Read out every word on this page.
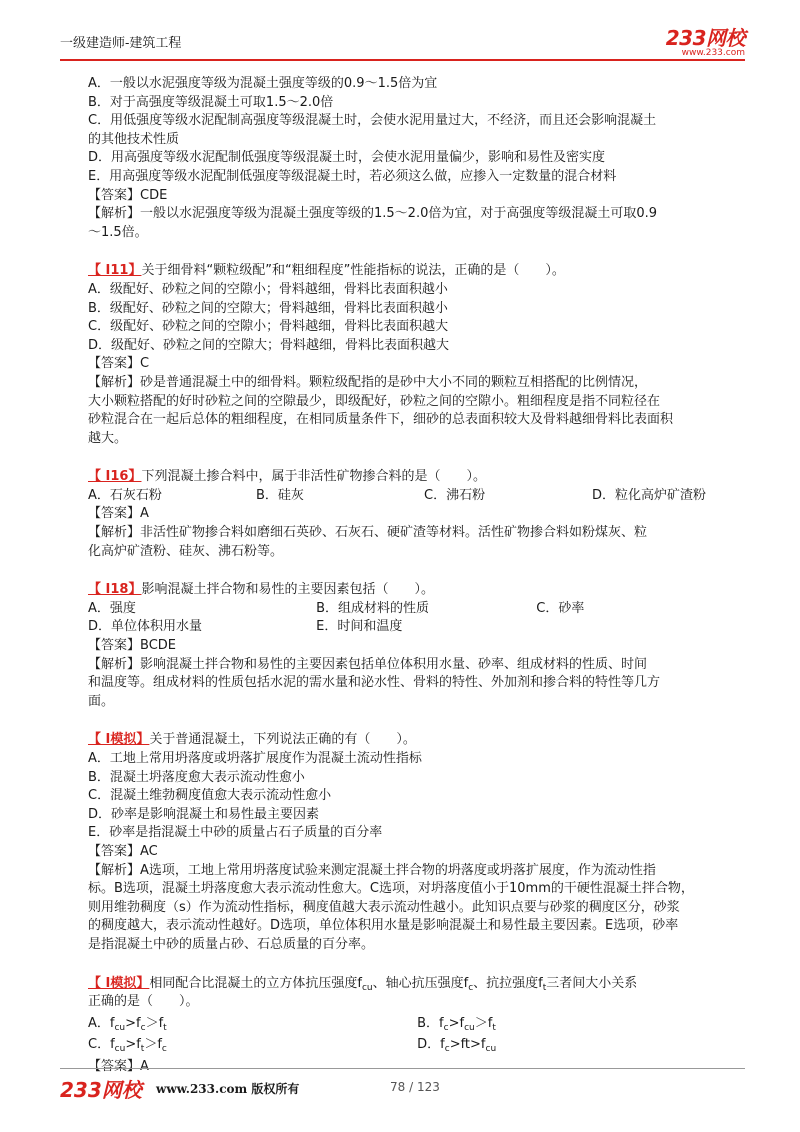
一级建造师-建筑工程	233网校
www.233.com
A．一般以水泥强度等级为混凝土强度等级的0.9～1.5倍为宜
B．对于高强度等级混凝土可取1.5～2.0倍
C．用低强度等级水泥配制高强度等级混凝土时，会使水泥用量过大，不经济，而且还会影响混凝土
的其他技术性质
D．用高强度等级水泥配制低强度等级混凝土时，会使水泥用量偏少，影响和易性及密实度
E．用高强度等级水泥配制低强度等级混凝土时，若必须这么做，应掺入一定数量的混合材料
【答案】CDE
【解析】一般以水泥强度等级为混凝土强度等级的1.5～2.0倍为宜，对于高强度等级混凝土可取0.9
～1.5倍。
【 I11】关于细骨料“颗粒级配”和“粗细程度”性能指标的说法，正确的是（　　）。
A．级配好、砂粒之间的空隙小；骨料越细，骨料比表面积越小
B．级配好、砂粒之间的空隙大；骨料越细，骨料比表面积越小
C．级配好、砂粒之间的空隙小；骨料越细，骨料比表面积越大
D．级配好、砂粒之间的空隙大；骨料越细，骨料比表面积越大
【答案】C
【解析】砂是普通混凝土中的细骨料。颗粒级配指的是砂中大小不同的颗粒互相搭配的比例情况，
大小颗粒搭配的好时砂粒之间的空隙最少，即级配好，砂粒之间的空隙小。粗细程度是指不同粒径在
砂粒混合在一起后总体的粗细程度，在相同质量条件下，细砂的总表面积较大及骨料越细骨料比表面积
越大。
【 I16】下列混凝土掺合料中，属于非活性矿物掺合料的是（　　）。
A．石灰石粉	B．硅灰	C．沸石粉	D．粒化高炉矿渣粉
【答案】A
【解析】非活性矿物掺合料如磨细石英砂、石灰石、硬矿渣等材料。活性矿物掺合料如粉煤灰、粒
化高炉矿渣粉、硅灰、沸石粉等。
【 I18】影响混凝土拌合物和易性的主要因素包括（　　）。
A．强度	B．组成材料的性质	C．砂率
D．单位体积用水量	E．时间和温度
【答案】BCDE
【解析】影响混凝土拌合物和易性的主要因素包括单位体积用水量、砂率、组成材料的性质、时间
和温度等。组成材料的性质包括水泥的需水量和泌水性、骨料的特性、外加剂和掺合料的特性等几方
面。
【 I模拟】关于普通混凝土，下列说法正确的有（　　）。
A．工地上常用坍落度或坍落扩展度作为混凝土流动性指标
B．混凝土坍落度愈大表示流动性愈小
C．混凝土维勃稠度值愈大表示流动性愈小
D．砂率是影响混凝土和易性最主要因素
E．砂率是指混凝土中砂的质量占石子质量的百分率
【答案】AC
【解析】A选项，工地上常用坍落度试验来测定混凝土拌合物的坍落度或坍落扩展度，作为流动性指
标。B选项，混凝土坍落度愈大表示流动性愈大。C选项，对坍落度值小于10mm的干硬性混凝土拌合物，
则用维勃稠度（s）作为流动性指标，稠度值越大表示流动性越小。此知识点要与砂浆的稠度区分，砂浆
的稠度越大，表示流动性越好。D选项，单位体积用水量是影响混凝土和易性最主要因素。E选项，砂率
是指混凝土中砂的质量占砂、石总质量的百分率。
【 I模拟】相同配合比混凝土的立方体抗压强度$f_{cu}$、轴心抗压强度$f_c$、抗拉强度$f_t$三者间大小关系
正确的是（　　）。
A．$f_{cu}>f_c>f_t$	B．$f_c>f_{cu}>f_t$
C．$f_{cu}>f_t>f_c$	D．$f_c>ft>f_{cu}$
【答案】A
233网校 www.233.com 版权所有	78 / 123
